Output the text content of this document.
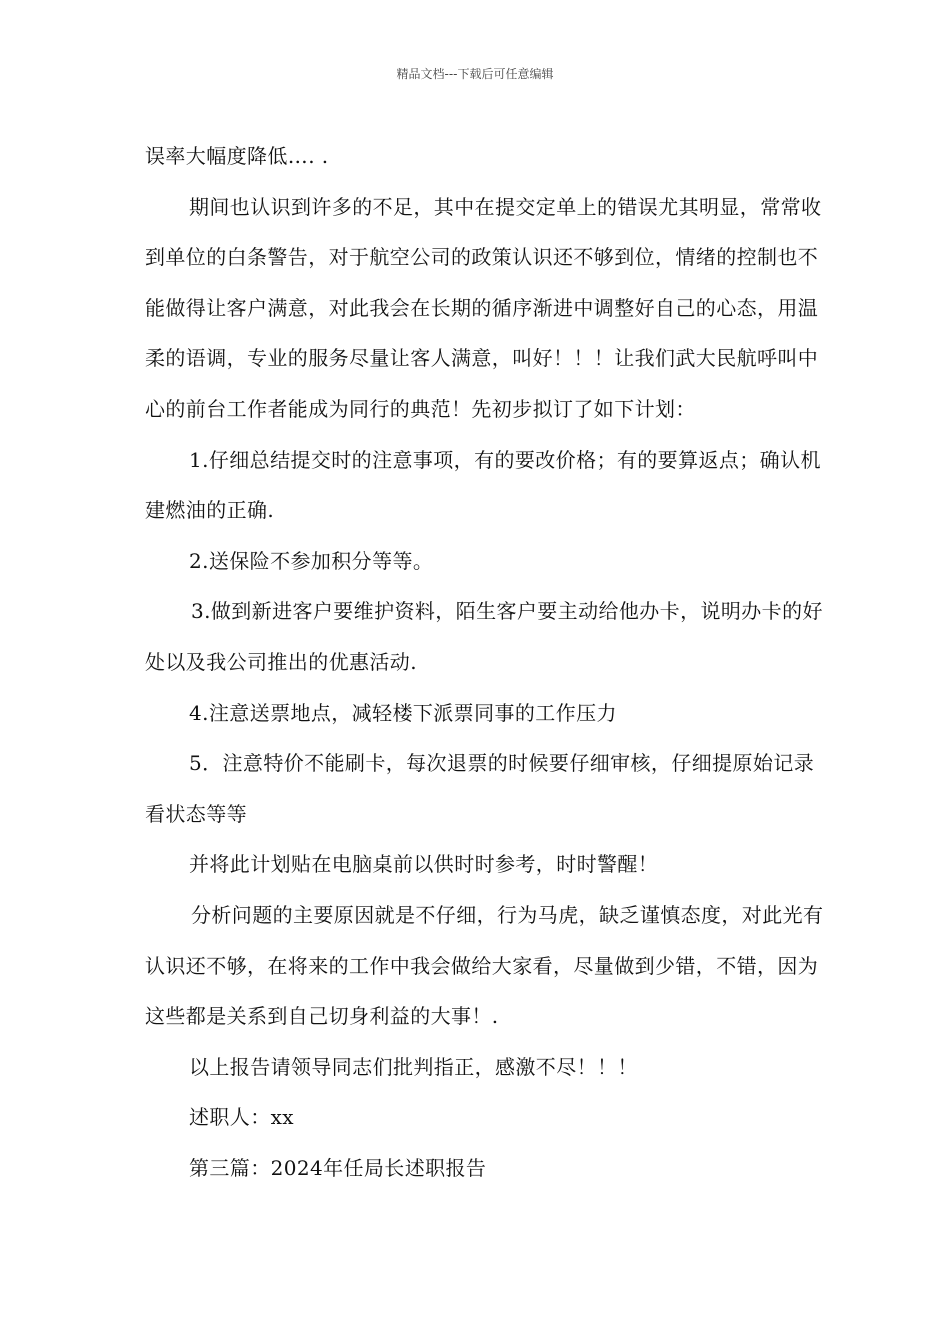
精品文档---下载后可任意编辑

误率大幅度降低…. .

期间也认识到许多的不足，其中在提交定单上的错误尤其明显，常常收到单位的白条警告，对于航空公司的政策认识还不够到位，情绪的控制也不能做得让客户满意，对此我会在长期的循序渐进中调整好自己的心态，用温柔的语调，专业的服务尽量让客人满意，叫好！！！让我们武大民航呼叫中心的前台工作者能成为同行的典范！先初步拟订了如下计划：

1.仔细总结提交时的注意事项，有的要改价格；有的要算返点；确认机建燃油的正确.

2.送保险不参加积分等等。

3.做到新进客户要维护资料，陌生客户要主动给他办卡，说明办卡的好处以及我公司推出的优惠活动.

4.注意送票地点，减轻楼下派票同事的工作压力

5．注意特价不能刷卡，每次退票的时候要仔细审核，仔细提原始记录看状态等等

并将此计划贴在电脑桌前以供时时参考，时时警醒！

分析问题的主要原因就是不仔细，行为马虎，缺乏谨慎态度，对此光有认识还不够，在将来的工作中我会做给大家看，尽量做到少错，不错，因为这些都是关系到自己切身利益的大事！.

以上报告请领导同志们批判指正，感激不尽！！！

述职人：xx

第三篇：2024年任局长述职报告
